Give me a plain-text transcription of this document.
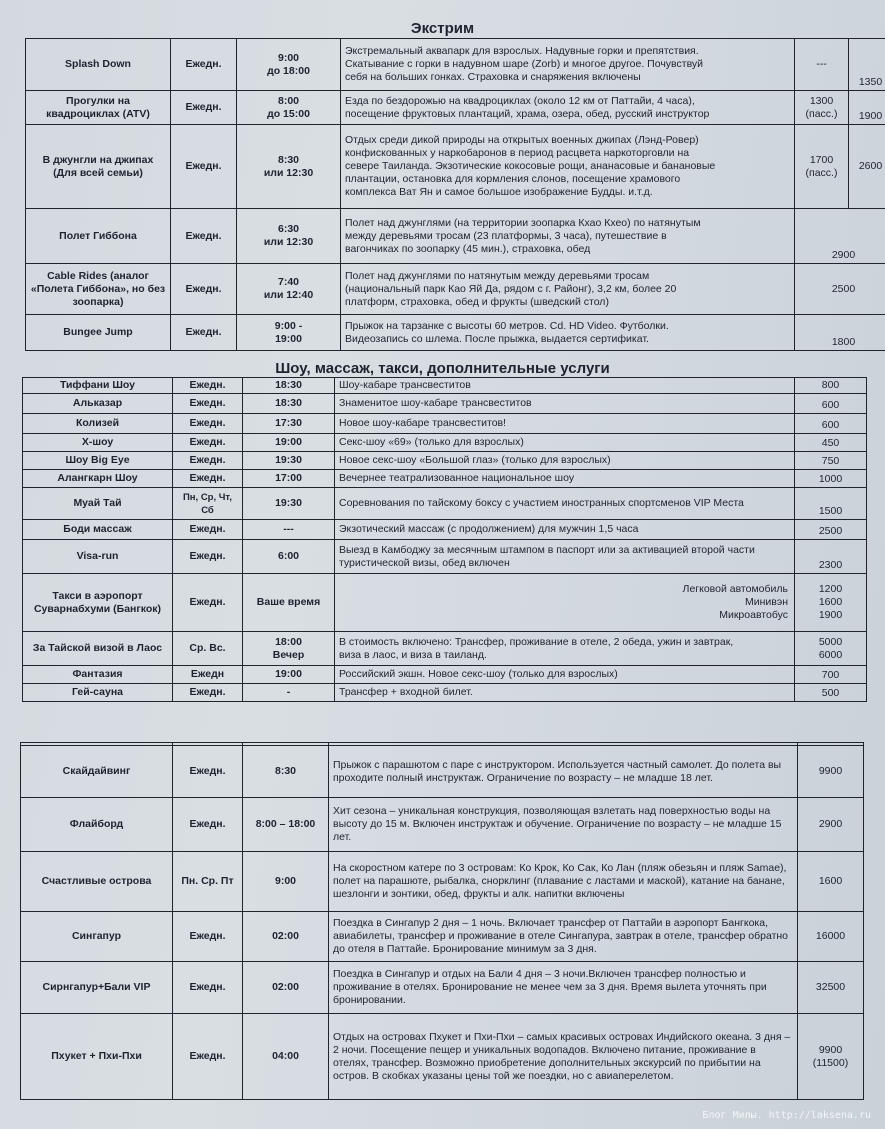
Экстрим
Splash Down	Ежедн.	9:00
до 18:00	Экстремальный аквапарк для взрослых. Надувные горки и препятствия.
Скатывание с горки в надувном шаре (Zorb) и многое другое. Почувствуй
себя на больших гонках. Страховка и снаряжения включены	---	1350
Прогулки на квадроциклах (ATV)	Ежедн.	8:00
до 15:00	Езда по бездорожью на квадроциклах (около 12 км от Паттайи, 4 часа),
посещение фруктовых плантаций, храма, озера, обед, русский инструктор	1300 (пасс.)	1900
В джунгли на джипах (Для всей семьи)	Ежедн.	8:30
или 12:30	Отдых среди дикой природы на открытых военных джипах (Лэнд-Ровер)
конфискованных у наркобаронов в период расцвета наркоторговли на
севере Таиланда. Экзотические кокосовые рощи, ананасовые и банановые
плантации, остановка для кормления слонов, посещение храмового
комплекса Ват Ян и самое большое изображение Будды. и.т.д.	1700 (пасс.)	2600
Полет Гиббона	Ежедн.	6:30
или 12:30	Полет над джунглями (на территории зоопарка Кхао Кхео) по натянутым
между деревьями тросам (23 платформы, 3 часа), путешествие в
вагончиках по зоопарку (45 мин.), страховка, обед	2900	
Cable Rides (аналог «Полета Гиббона», но без зоопарка)	Ежедн.	7:40
или 12:40	Полет над джунглями по натянутым между деревьями тросам
(национальный парк Као Яй Да, рядом с г. Районг), 3,2 км, более 20
платформ, страховка, обед и фрукты (шведский стол)	2500	
Bungee Jump	Ежедн.	9:00 -
19:00	Прыжок на тарзанке с высоты 60 метров. Cd. HD Video. Футболки.
Видеозапись со шлема. После прыжка, выдается сертификат.	1800	
Шоу, массаж, такси, дополнительные услуги
Тиффани Шоу	Ежедн.	18:30	Шоу-кабаре трансвеститов	800
Альказар	Ежедн.	18:30	Знаменитое шоу-кабаре трансвеститов	600
Колизей	Ежедн.	17:30	Новое шоу-кабаре трансвеститов!	600
Х-шоу	Ежедн.	19:00	Секс-шоу «69» (только для взрослых)	450
Шоу Big Eye	Ежедн.	19:30	Новое секс-шоу «Большой глаз» (только для взрослых)	750
Алангкарн Шоу	Ежедн.	17:00	Вечернее театрализованное национальное шоу	1000
Муай Тай	Пн, Ср, Чт, Сб	19:30	Соревнования по тайскому боксу с участием иностранных спортсменов VIP Места	1500
Боди массаж	Ежедн.	---	Экзотический массаж (с продолжением) для мужчин 1,5 часа	2500
Visa-run	Ежедн.	6:00	Выезд в Камбоджу за месячным штампом в паспорт или за активацией второй части туристической визы, обед включен	2300
Такси в аэропорт Суварнабхуми (Бангкок)	Ежедн.	Ваше время	Легковой автомобиль
Минивэн
Микроавтобус	1200
1600
1900

За Тайской визой в Лаос	Ср. Вс.	18:00
Вечер	В стоимость включено: Трансфер, проживание в отеле, 2 обеда, ужин и завтрак,
виза в лаос, и виза в таиланд.	5000
6000

Фантазия	Ежедн	19:00	Российский экшн. Новое секс-шоу (только для взрослых)	700
Гей-сауна	Ежедн.	-	Трансфер + входной билет.	500

Скайдайвинг	Ежедн.	8:30	Прыжок с парашютом с паре с инструктором. Используется частный самолет. До полета вы проходите полный инструктаж. Ограничение по возрасту – не младше 18 лет.	9900
Флайборд	Ежедн.	8:00 – 18:00	Хит сезона – уникальная конструкция, позволяющая взлетать над поверхностью воды на высоту до 15 м. Включен инструктаж и обучение. Ограничение по возрасту – не младше 15 лет.	2900
Счастливые острова	Пн. Ср. Пт	9:00	На скоростном катере по 3 островам: Ко Крок, Ко Сак, Ко Лан (пляж обезьян и пляж Samae), полет на парашюте, рыбалка, снорклинг (плавание с ластами и маской), катание на банане, шезлонги и зонтики, обед, фрукты и алк. напитки включены	1600
Сингапур	Ежедн.	02:00	Поездка в Сингапур 2 дня – 1 ночь. Включает трансфер от Паттайи в аэропорт Бангкока, авиабилеты, трансфер и проживание в отеле Сингапура, завтрак в отеле, трансфер обратно до отеля в Паттайе. Бронирование минимум за 3 дня.	16000
Сирнгапур+Бали VIP	Ежедн.	02:00	Поездка в Сингапур и отдых на Бали 4 дня – 3 ночи.Включен трансфер полностью и проживание в отелях. Бронирование не менее чем за 3 дня. Время вылета уточнять при бронировании.	32500
Пхукет + Пхи-Пхи	Ежедн.	04:00	Отдых на островах Пхукет и Пхи-Пхи – самых красивых островах Индийского океана. 3 дня – 2 ночи. Посещение пещер и уникальных водопадов. Включено питание, проживание в отелях, трансфер. Возможно приобретение дополнительных экскурсий по прибытии на остров. В скобках указаны цены той же поездки, но с авиаперелетом.	9900 (11500)
Блог Милы. http://laksena.ru
